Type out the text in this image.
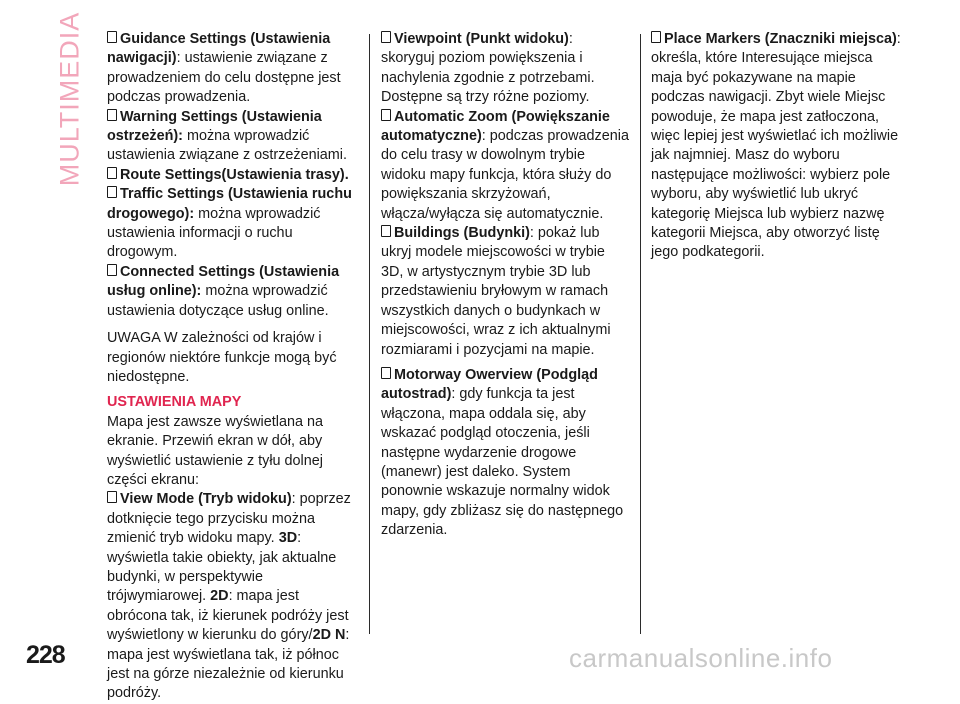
MULTIMEDIA	Guidance Settings (Ustawienia nawigacji): ustawienie związane z prowadzeniem do celu dostępne jest podczas prowadzenia.

Warning Settings (Ustawienia ostrzeżeń): można wprowadzić ustawienia związane z ostrzeżeniami.

Route Settings(Ustawienia trasy).

Traffic Settings (Ustawienia ruchu drogowego): można wprowadzić ustawienia informacji o ruchu drogowym.

Connected Settings (Ustawienia usług online): można wprowadzić ustawienia dotyczące usług online.

UWAGA W zależności od krajów i regionów niektóre funkcje mogą być niedostępne.

USTAWIENIA MAPY

Mapa jest zawsze wyświetlana na ekranie. Przewiń ekran w dół, aby wyświetlić ustawienie z tyłu dolnej części ekranu:

View Mode (Tryb widoku): poprzez dotknięcie tego przycisku można zmienić tryb widoku mapy. 3D: wyświetla takie obiekty, jak aktualne budynki, w perspektywie trójwymiarowej. 2D: mapa jest obrócona tak, iż kierunek podróży jest wyświetlony w kierunku do góry/2D N: mapa jest wyświetlana tak, iż północ jest na górze niezależnie od kierunku podróży.

Viewpoint (Punkt widoku): skoryguj poziom powiększenia i nachylenia zgodnie z potrzebami. Dostępne są trzy różne poziomy.

Automatic Zoom (Powiększanie automatyczne): podczas prowadzenia do celu trasy w dowolnym trybie widoku mapy funkcja, która służy do powiększania skrzyżowań, włącza/wyłącza się automatycznie.

Buildings (Budynki): pokaż lub ukryj modele miejscowości w trybie 3D, w artystycznym trybie 3D lub przedstawieniu bryłowym w ramach wszystkich danych o budynkach w miejscowości, wraz z ich aktualnymi rozmiarami i pozycjami na mapie.

Motorway Owerview (Podgląd autostrad): gdy funkcja ta jest włączona, mapa oddala się, aby wskazać podgląd otoczenia, jeśli następne wydarzenie drogowe (manewr) jest daleko. System ponownie wskazuje normalny widok mapy, gdy zbliżasz się do następnego zdarzenia.

Place Markers (Znaczniki miejsca): określa, które Interesujące miejsca maja być pokazywane na mapie podczas nawigacji. Zbyt wiele Miejsc powoduje, że mapa jest zatłoczona, więc lepiej jest wyświetlać ich możliwie jak najmniej. Masz do wyboru następujące możliwości: wybierz pole wyboru, aby wyświetlić lub ukryć kategorię Miejsca lub wybierz nazwę kategorii Miejsca, aby otworzyć listę jego podkategorii.

228	carmanualsonline.info
